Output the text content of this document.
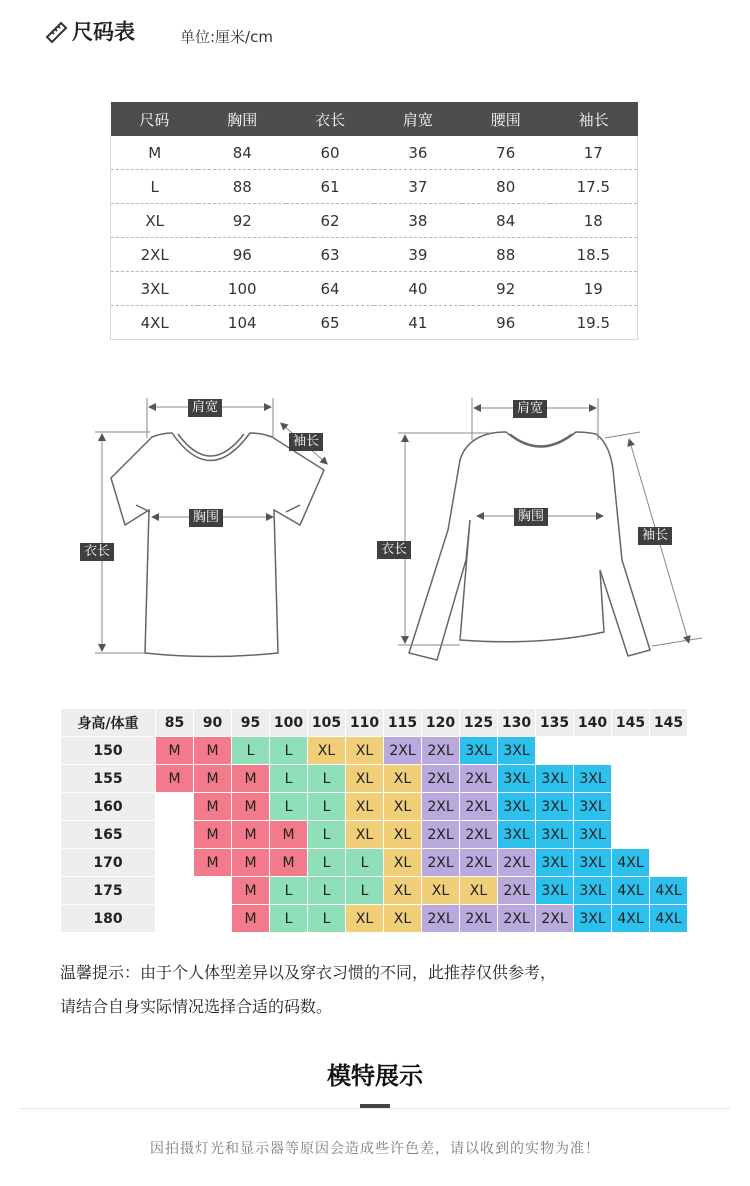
尺码表	单位:厘米/cm
尺码	胸围	衣长	肩宽	腰围	袖长
M	84	60	36	76	17
L	88	61	37	80	17.5
XL	92	62	38	84	18
2XL	96	63	39	88	18.5
3XL	100	64	40	92	19
4XL	104	65	41	96	19.5
肩宽
袖长
胸围
衣长
肩宽
胸围
衣长
袖长
身高/体重	85	90	95	100	105	110	115	120	125	130	135	140	145	145
150	M	M	L	L	XL	XL	2XL	2XL	3XL	3XL				
155	M	M	M	L	L	XL	XL	2XL	2XL	3XL	3XL	3XL		
160		M	M	L	L	XL	XL	2XL	2XL	3XL	3XL	3XL		
165		M	M	M	L	XL	XL	2XL	2XL	3XL	3XL	3XL		
170		M	M	M	L	L	XL	2XL	2XL	2XL	3XL	3XL	4XL	
175			M	L	L	L	XL	XL	XL	2XL	3XL	3XL	4XL	4XL
180			M	L	L	XL	XL	2XL	2XL	2XL	2XL	3XL	4XL	4XL
温馨提示：由于个人体型差异以及穿衣习惯的不同，此推荐仅供参考，
请结合自身实际情况选择合适的码数。
模特展示
因拍摄灯光和显示器等原因会造成些许色差，请以收到的实物为准！
